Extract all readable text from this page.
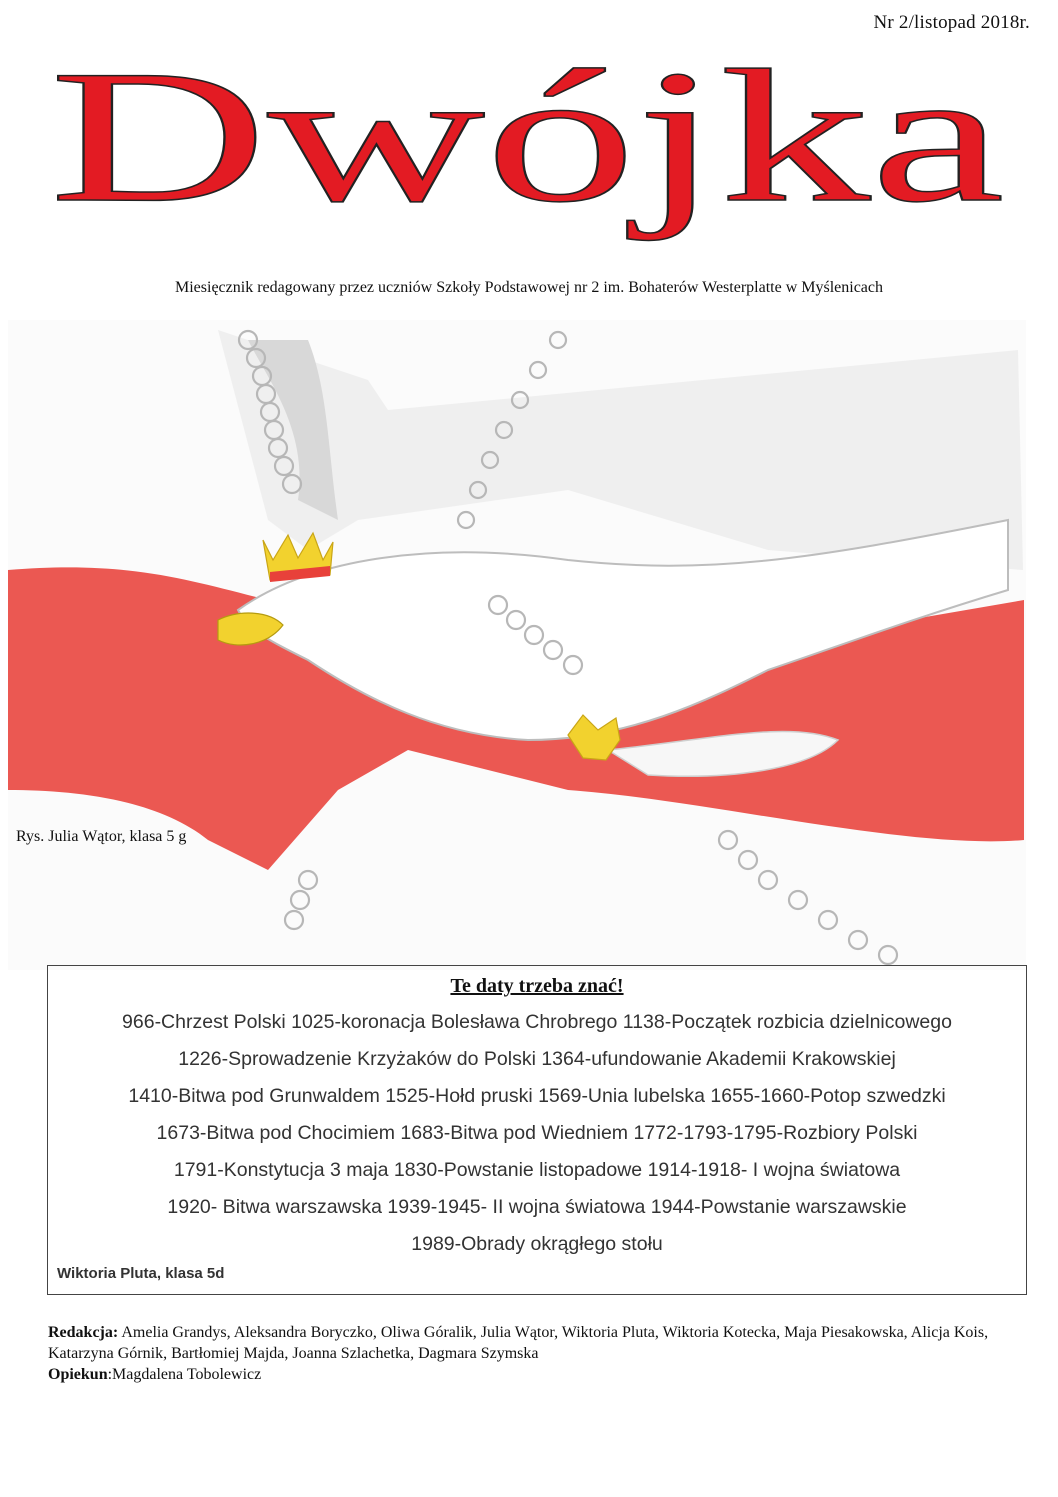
Nr 2/listopad 2018r.
Dwójka
Miesięcznik redagowany przez uczniów Szkoły Podstawowej nr 2 im. Bohaterów Westerplatte w Myślenicach
Rys. Julia Wątor, klasa 5 g
Te daty trzeba znać!
966-Chrzest Polski 1025-koronacja Bolesława Chrobrego 1138-Początek rozbicia dzielnicowego
1226-Sprowadzenie Krzyżaków do Polski 1364-ufundowanie Akademii Krakowskiej
1410-Bitwa pod Grunwaldem 1525-Hołd pruski 1569-Unia lubelska 1655-1660-Potop szwedzki
1673-Bitwa pod Chocimiem 1683-Bitwa pod Wiedniem 1772-1793-1795-Rozbiory Polski
1791-Konstytucja 3 maja 1830-Powstanie listopadowe 1914-1918- I wojna światowa
1920- Bitwa warszawska 1939-1945- II wojna światowa 1944-Powstanie warszawskie
1989-Obrady okrągłego stołu
Wiktoria Pluta, klasa 5d
Redakcja: Amelia Grandys, Aleksandra Boryczko, Oliwa Góralik, Julia Wątor, Wiktoria Pluta, Wiktoria Kotecka, Maja Piesakowska, Alicja Kois, Katarzyna Górnik, Bartłomiej Majda, Joanna Szlachetka, Dagmara Szymska
Opiekun:Magdalena Tobolewicz
